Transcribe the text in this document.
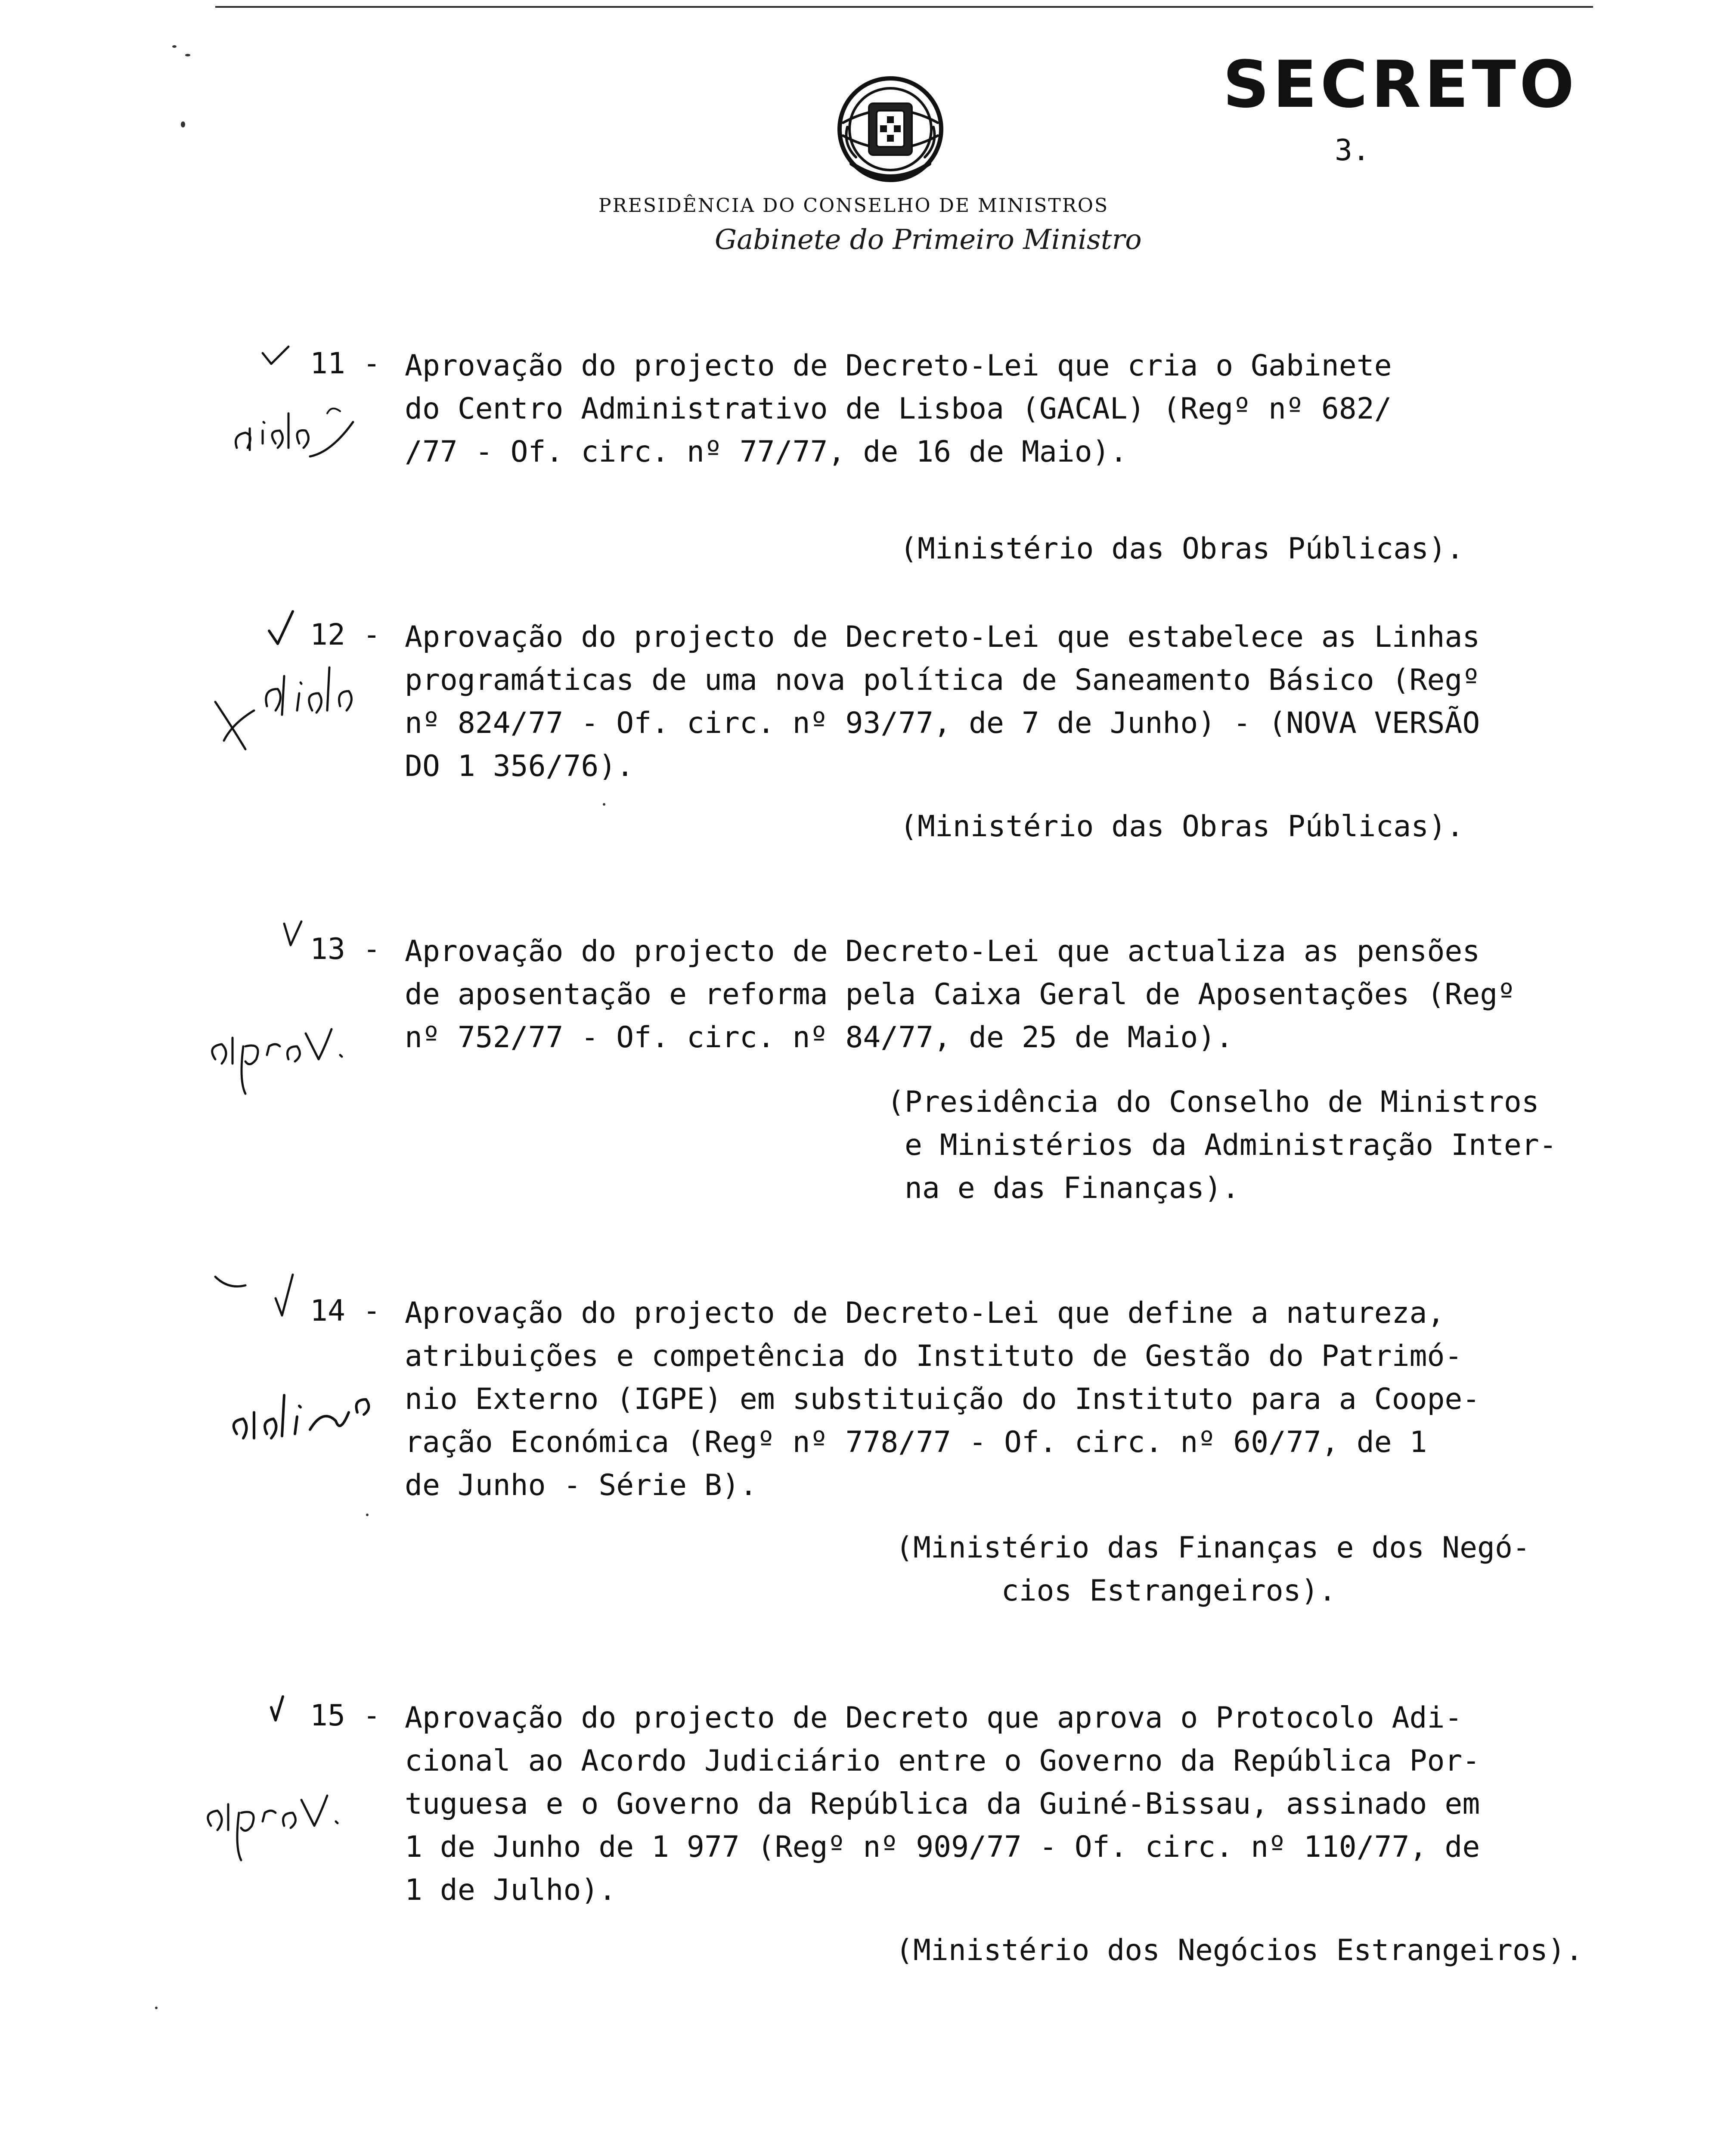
SECRETO
3.
PRESIDÊNCIA DO CONSELHO DE MINISTROS
Gabinete do Primeiro Ministro
11 - Aprovação do projecto de Decreto-Lei que cria o Gabinete
do Centro Administrativo de Lisboa (GACAL) (Regº nº 682/
/77 - Of. circ. nº 77/77, de 16 de Maio).
(Ministério das Obras Públicas).
12 - Aprovação do projecto de Decreto-Lei que estabelece as Linhas
programáticas de uma nova política de Saneamento Básico (Regº
nº 824/77 - Of. circ. nº 93/77, de 7 de Junho) - (NOVA VERSÃO
DO 1 356/76).
(Ministério das Obras Públicas).
13 - Aprovação do projecto de Decreto-Lei que actualiza as pensões
de aposentação e reforma pela Caixa Geral de Aposentações (Regº
nº 752/77 - Of. circ. nº 84/77, de 25 de Maio).
(Presidência do Conselho de Ministros
e Ministérios da Administração Inter-
na e das Finanças).
14 - Aprovação do projecto de Decreto-Lei que define a natureza,
atribuições e competência do Instituto de Gestão do Patrimó-
nio Externo (IGPE) em substituição do Instituto para a Coope-
ração Económica (Regº nº 778/77 - Of. circ. nº 60/77, de 1
de Junho - Série B).
(Ministério das Finanças e dos Negó-
cios Estrangeiros).
15 - Aprovação do projecto de Decreto que aprova o Protocolo Adi-
cional ao Acordo Judiciário entre o Governo da República Por-
tuguesa e o Governo da República da Guiné-Bissau, assinado em
1 de Junho de 1 977 (Regº nº 909/77 - Of. circ. nº 110/77, de
1 de Julho).
(Ministério dos Negócios Estrangeiros).
